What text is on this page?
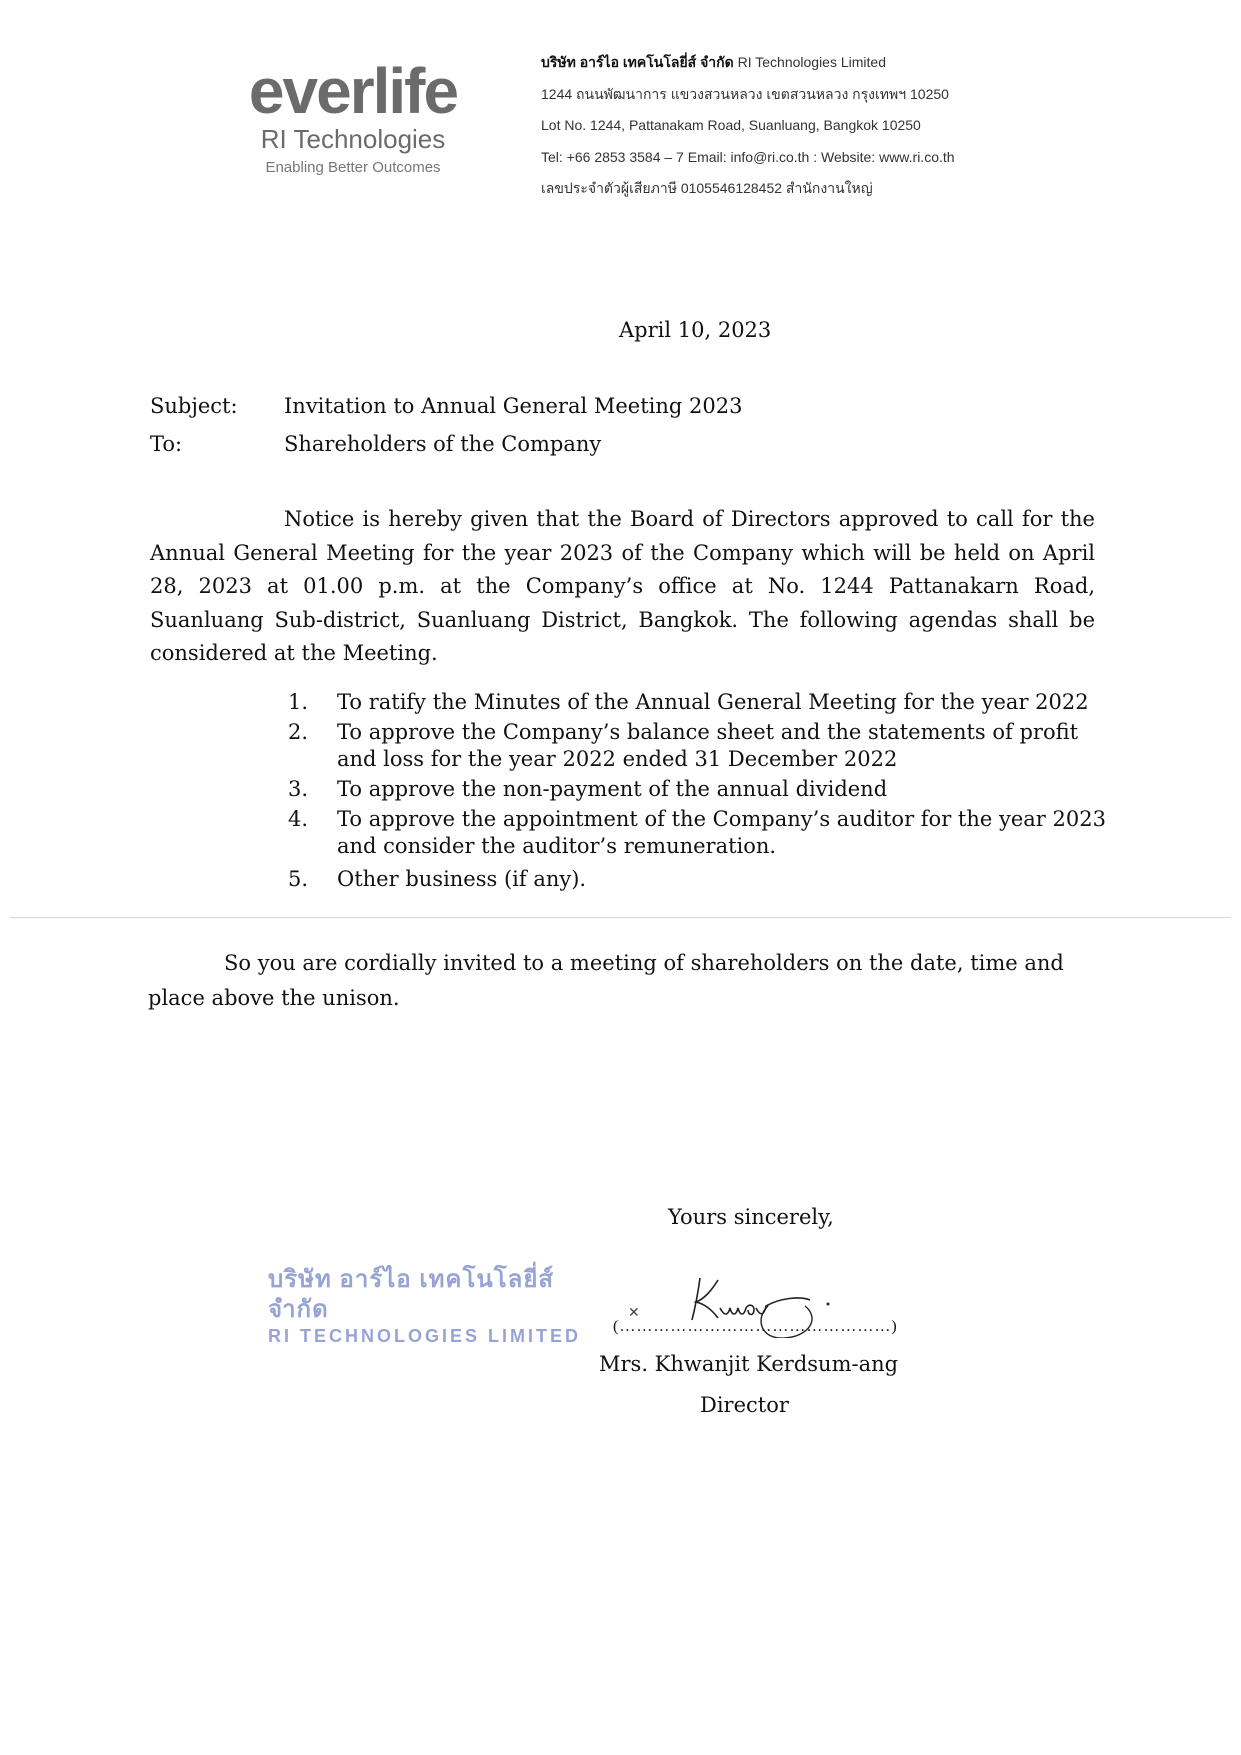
everlife
RI Technologies
Enabling Better Outcomes
บริษัท อาร์ไอ เทคโนโลยี่ส์ จำกัด RI Technologies Limited
1244 ถนนพัฒนาการ แขวงสวนหลวง เขตสวนหลวง กรุงเทพฯ 10250
Lot No. 1244, Pattanakam Road, Suanluang, Bangkok 10250
Tel: +66 2853 3584 – 7 Email: info@ri.co.th : Website: www.ri.co.th
เลขประจำตัวผู้เสียภาษี 0105546128452 สำนักงานใหญ่
April 10, 2023
Subject: Invitation to Annual General Meeting 2023
To:	Shareholders of the Company

Notice is hereby given that the Board of Directors approved to call for the Annual General Meeting for the year 2023 of the Company which will be held on April 28, 2023 at 01.00 p.m. at the Company’s office at No. 1244 Pattanakarn Road, Suanluang Sub-district, Suanluang District, Bangkok. The following agendas shall be considered at the Meeting.

1.	To ratify the Minutes of the Annual General Meeting for the year 2022
2.	To approve the Company’s balance sheet and the statements of profit and loss for the year 2022 ended 31 December 2022
3.	To approve the non-payment of the annual dividend
4.	To approve the appointment of the Company’s auditor for the year 2023 and consider the auditor’s remuneration.
5.	Other business (if any).

So you are cordially invited to a meeting of shareholders on the date, time and place above the unison.

Yours sincerely,
บริษัท อาร์ไอ เทคโนโลยี่ส์ จำกัด
RI TECHNOLOGIES LIMITED
✕
(…………………………………………)
Mrs. Khwanjit Kerdsum-ang
Director
